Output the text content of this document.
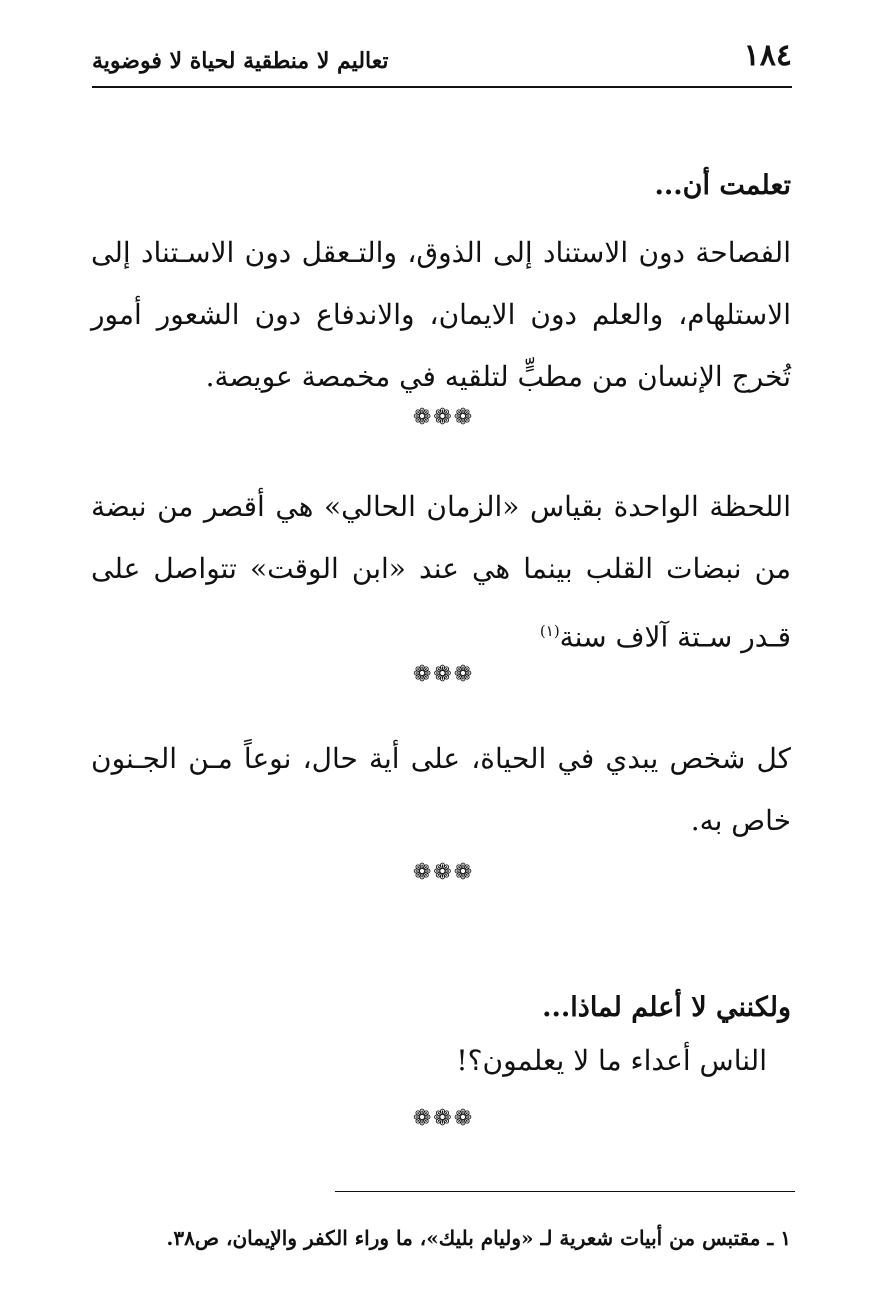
١٨٤
تعاليم لا منطقية لحياة لا فوضوية
تعلمت أن...

الفصاحة دون الاستناد إلى الذوق، والتـعقل دون الاسـتناد إلى الاستلهام، والعلم دون الايمان، والاندفاع دون الشعور أمور تُخرج الإنسان من مطبٍّ لتلقيه في مخمصة عويصة.

❁❁❁

اللحظة الواحدة بقياس «الزمان الحالي» هي أقصر من نبضة من نبضات القلب بينما هي عند «ابن الوقت» تتواصل على قـدر سـتة آلاف سنة$^{(١)}$

❁❁❁

كل شخص يبدي في الحياة، على أية حال، نوعاً مـن الجـنون خاص به.

❁❁❁
ولكنني لا أعلم لماذا...

الناس أعداء ما لا يعلمون؟!

❁❁❁
١ ـ مقتبس من أبيات شعرية لـ «وليام بليك»، ما وراء الكفر والإيمان، ص٣٨.
